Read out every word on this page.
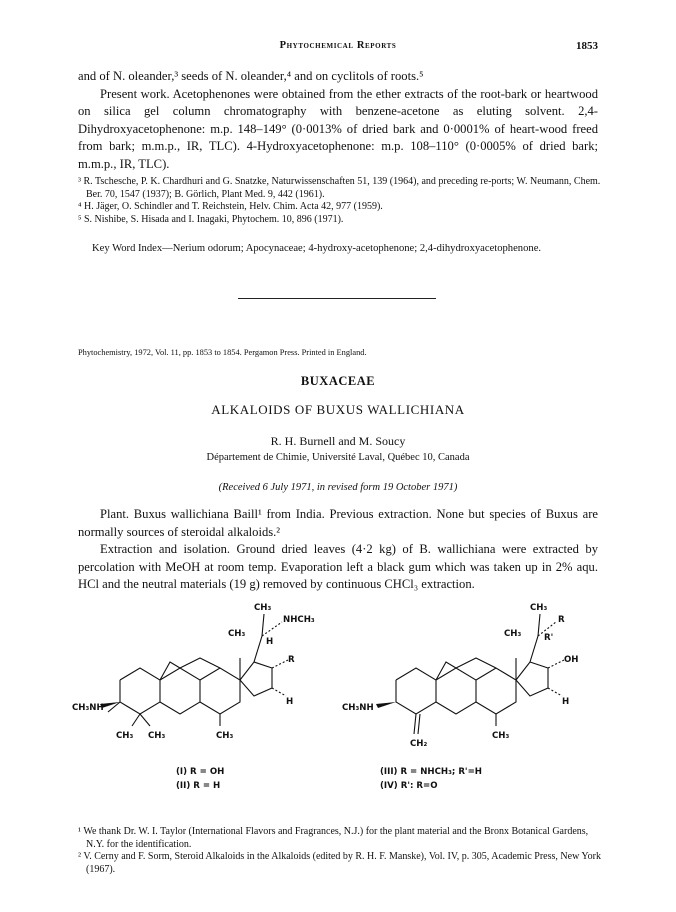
Phytochemical Reports	1853

and of N. oleander,³ seeds of N. oleander,⁴ and on cyclitols of roots.⁵

Present work. Acetophenones were obtained from the ether extracts of the root-bark or heartwood on silica gel column chromatography with benzene-acetone as eluting solvent. 2,4-Dihydroxyacetophenone: m.p. 148–149° (0·0013% of dried bark and 0·0001% of heart-wood freed from bark; m.m.p., IR, TLC). 4-Hydroxyacetophenone: m.p. 108–110° (0·0005% of dried bark; m.m.p., IR, TLC).

³ R. Tschesche, P. K. Chardhuri and G. Snatzke, Naturwissenschaften 51, 139 (1964), and preceding re-ports; W. Neumann, Chem. Ber. 70, 1547 (1937); B. Görlich, Plant Med. 9, 442 (1961).

⁴ H. Jäger, O. Schindler and T. Reichstein, Helv. Chim. Acta 42, 977 (1959).

⁵ S. Nishibe, S. Hisada and I. Inagaki, Phytochem. 10, 896 (1971).

Key Word Index—Nerium odorum; Apocynaceae; 4-hydroxy-acetophenone; 2,4-dihydroxyacetophenone.
Phytochemistry, 1972, Vol. 11, pp. 1853 to 1854. Pergamon Press. Printed in England.
BUXACEAE
ALKALOIDS OF BUXUS WALLICHIANA
R. H. Burnell and M. Soucy
Département de Chimie, Université Laval, Québec 10, Canada
(Received 6 July 1971, in revised form 19 October 1971)

Plant. Buxus wallichiana Baill¹ from India. Previous extraction. None but species of Buxus are normally sources of steroidal alkaloids.²

Extraction and isolation. Ground dried leaves (4·2 kg) of B. wallichiana were extracted by percolation with MeOH at room temp. Evaporation left a black gum which was taken up in 2% aqu. HCl and the neutral materials (19 g) removed by continuous CHCl₃ extraction.

CH₃
NHCH₃
CH₃
H
R
H
CH₃
CH₃NH
CH₃ CH₃
CH₃
R
CH₃	R'
OH
H
CH₃
CH₃NH
CH₂
(I) R = OH
(II) R = H
(III) R = NHCH₃; R'=H
(IV) R': R=O

¹ We thank Dr. W. I. Taylor (International Flavors and Fragrances, N.J.) for the plant material and the Bronx Botanical Gardens, N.Y. for the identification.

² V. Cerny and F. Sorm, Steroid Alkaloids in the Alkaloids (edited by R. H. F. Manske), Vol. IV, p. 305, Academic Press, New York (1967).
